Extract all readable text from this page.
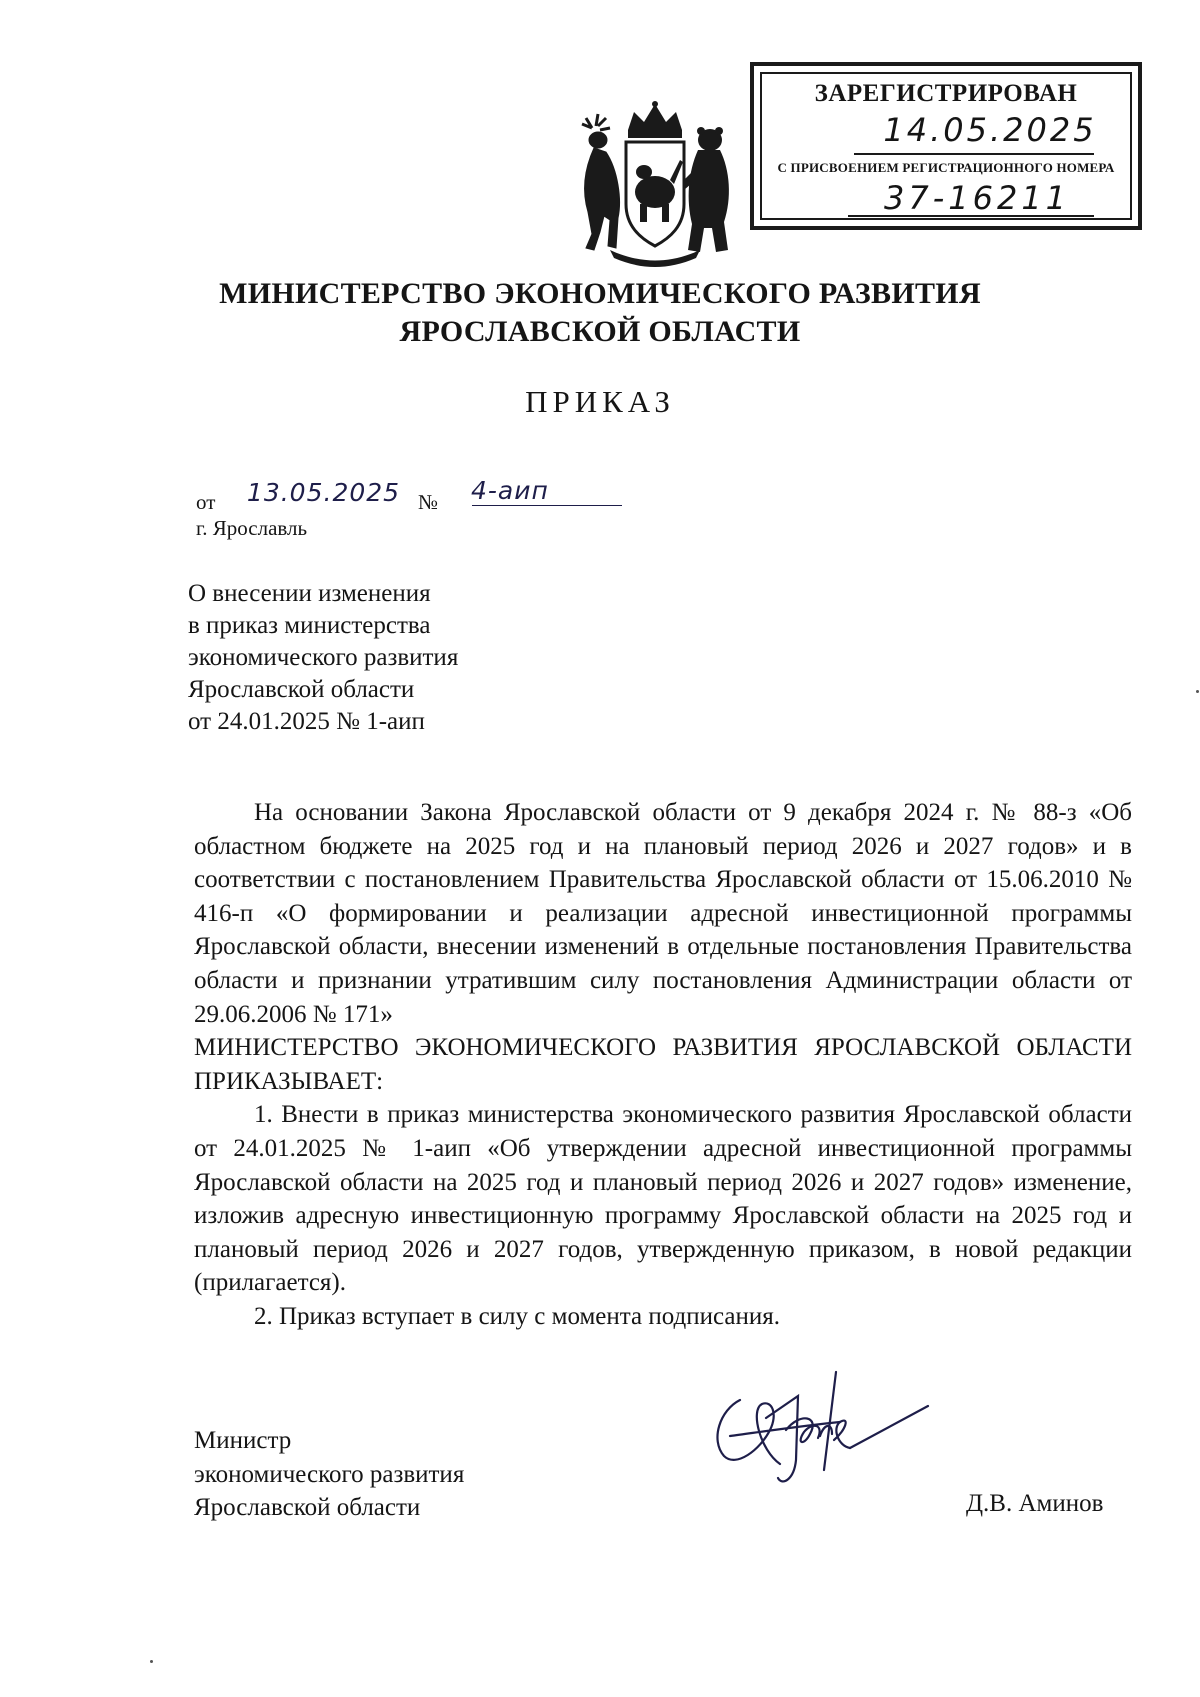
ЗАРЕГИСТРИРОВАН
14.05.2025
С ПРИСВОЕНИЕМ РЕГИСТРАЦИОННОГО НОМЕРА
37-16211
МИНИСТЕРСТВО ЭКОНОМИЧЕСКОГО РАЗВИТИЯ
ЯРОСЛАВСКОЙ ОБЛАСТИ
ПРИКАЗ
от	13.05.2025 № 4-аип
г. Ярославль
О внесении изменения
в приказ министерства
экономического развития
Ярославской области
от 24.01.2025 № 1-аип

На основании Закона Ярославской области от 9 декабря 2024 г. № 88-з «Об областном бюджете на 2025 год и на плановый период 2026 и 2027 годов» и в соответствии с постановлением Правительства Ярославской области от 15.06.2010 № 416-п «О формировании и реализации адресной инвестиционной программы Ярославской области, внесении изменений в отдельные постановления Правительства области и признании утратившим силу постановления Администрации области от 29.06.2006 № 171»

МИНИСТЕРСТВО ЭКОНОМИЧЕСКОГО РАЗВИТИЯ ЯРОСЛАВСКОЙ ОБЛАСТИ ПРИКАЗЫВАЕТ:

1. Внести в приказ министерства экономического развития Ярославской области от 24.01.2025 № 1-аип «Об утверждении адресной инвестиционной программы Ярославской области на 2025 год и плановый период 2026 и 2027 годов» изменение, изложив адресную инвестиционную программу Ярославской области на 2025 год и плановый период 2026 и 2027 годов, утвержденную приказом, в новой редакции (прилагается).

2. Приказ вступает в силу с момента подписания.

Министр
экономического развития
Ярославской области	Д.В. Аминов
